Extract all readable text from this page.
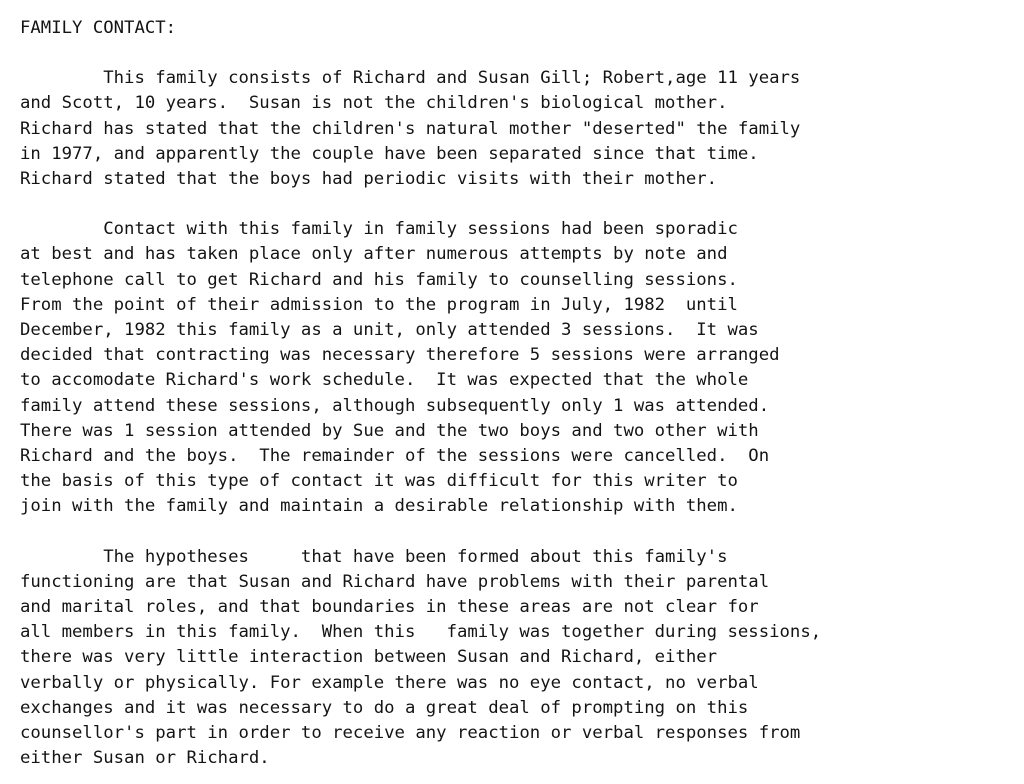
FAMILY CONTACT:
This family consists of Richard and Susan Gill; Robert,age 11 years
and Scott, 10 years.  Susan is not the children's biological mother.
Richard has stated that the children's natural mother "deserted" the family
in 1977, and apparently the couple have been separated since that time.
Richard stated that the boys had periodic visits with their mother.
Contact with this family in family sessions had been sporadic
at best and has taken place only after numerous attempts by note and
telephone call to get Richard and his family to counselling sessions.
From the point of their admission to the program in July, 1982  until
December, 1982 this family as a unit, only attended 3 sessions.  It was
decided that contracting was necessary therefore 5 sessions were arranged
to accomodate Richard's work schedule.  It was expected that the whole
family attend these sessions, although subsequently only 1 was attended.
There was 1 session attended by Sue and the two boys and two other with
Richard and the boys.  The remainder of the sessions were cancelled.  On
the basis of this type of contact it was difficult for this writer to
join with the family and maintain a desirable relationship with them.
The hypotheses     that have been formed about this family's
functioning are that Susan and Richard have problems with their parental
and marital roles, and that boundaries in these areas are not clear for
all members in this family.  When this   family was together during sessions,
there was very little interaction between Susan and Richard, either
verbally or physically. For example there was no eye contact, no verbal
exchanges and it was necessary to do a great deal of prompting on this
counsellor's part in order to receive any reaction or verbal responses from
either Susan or Richard.
